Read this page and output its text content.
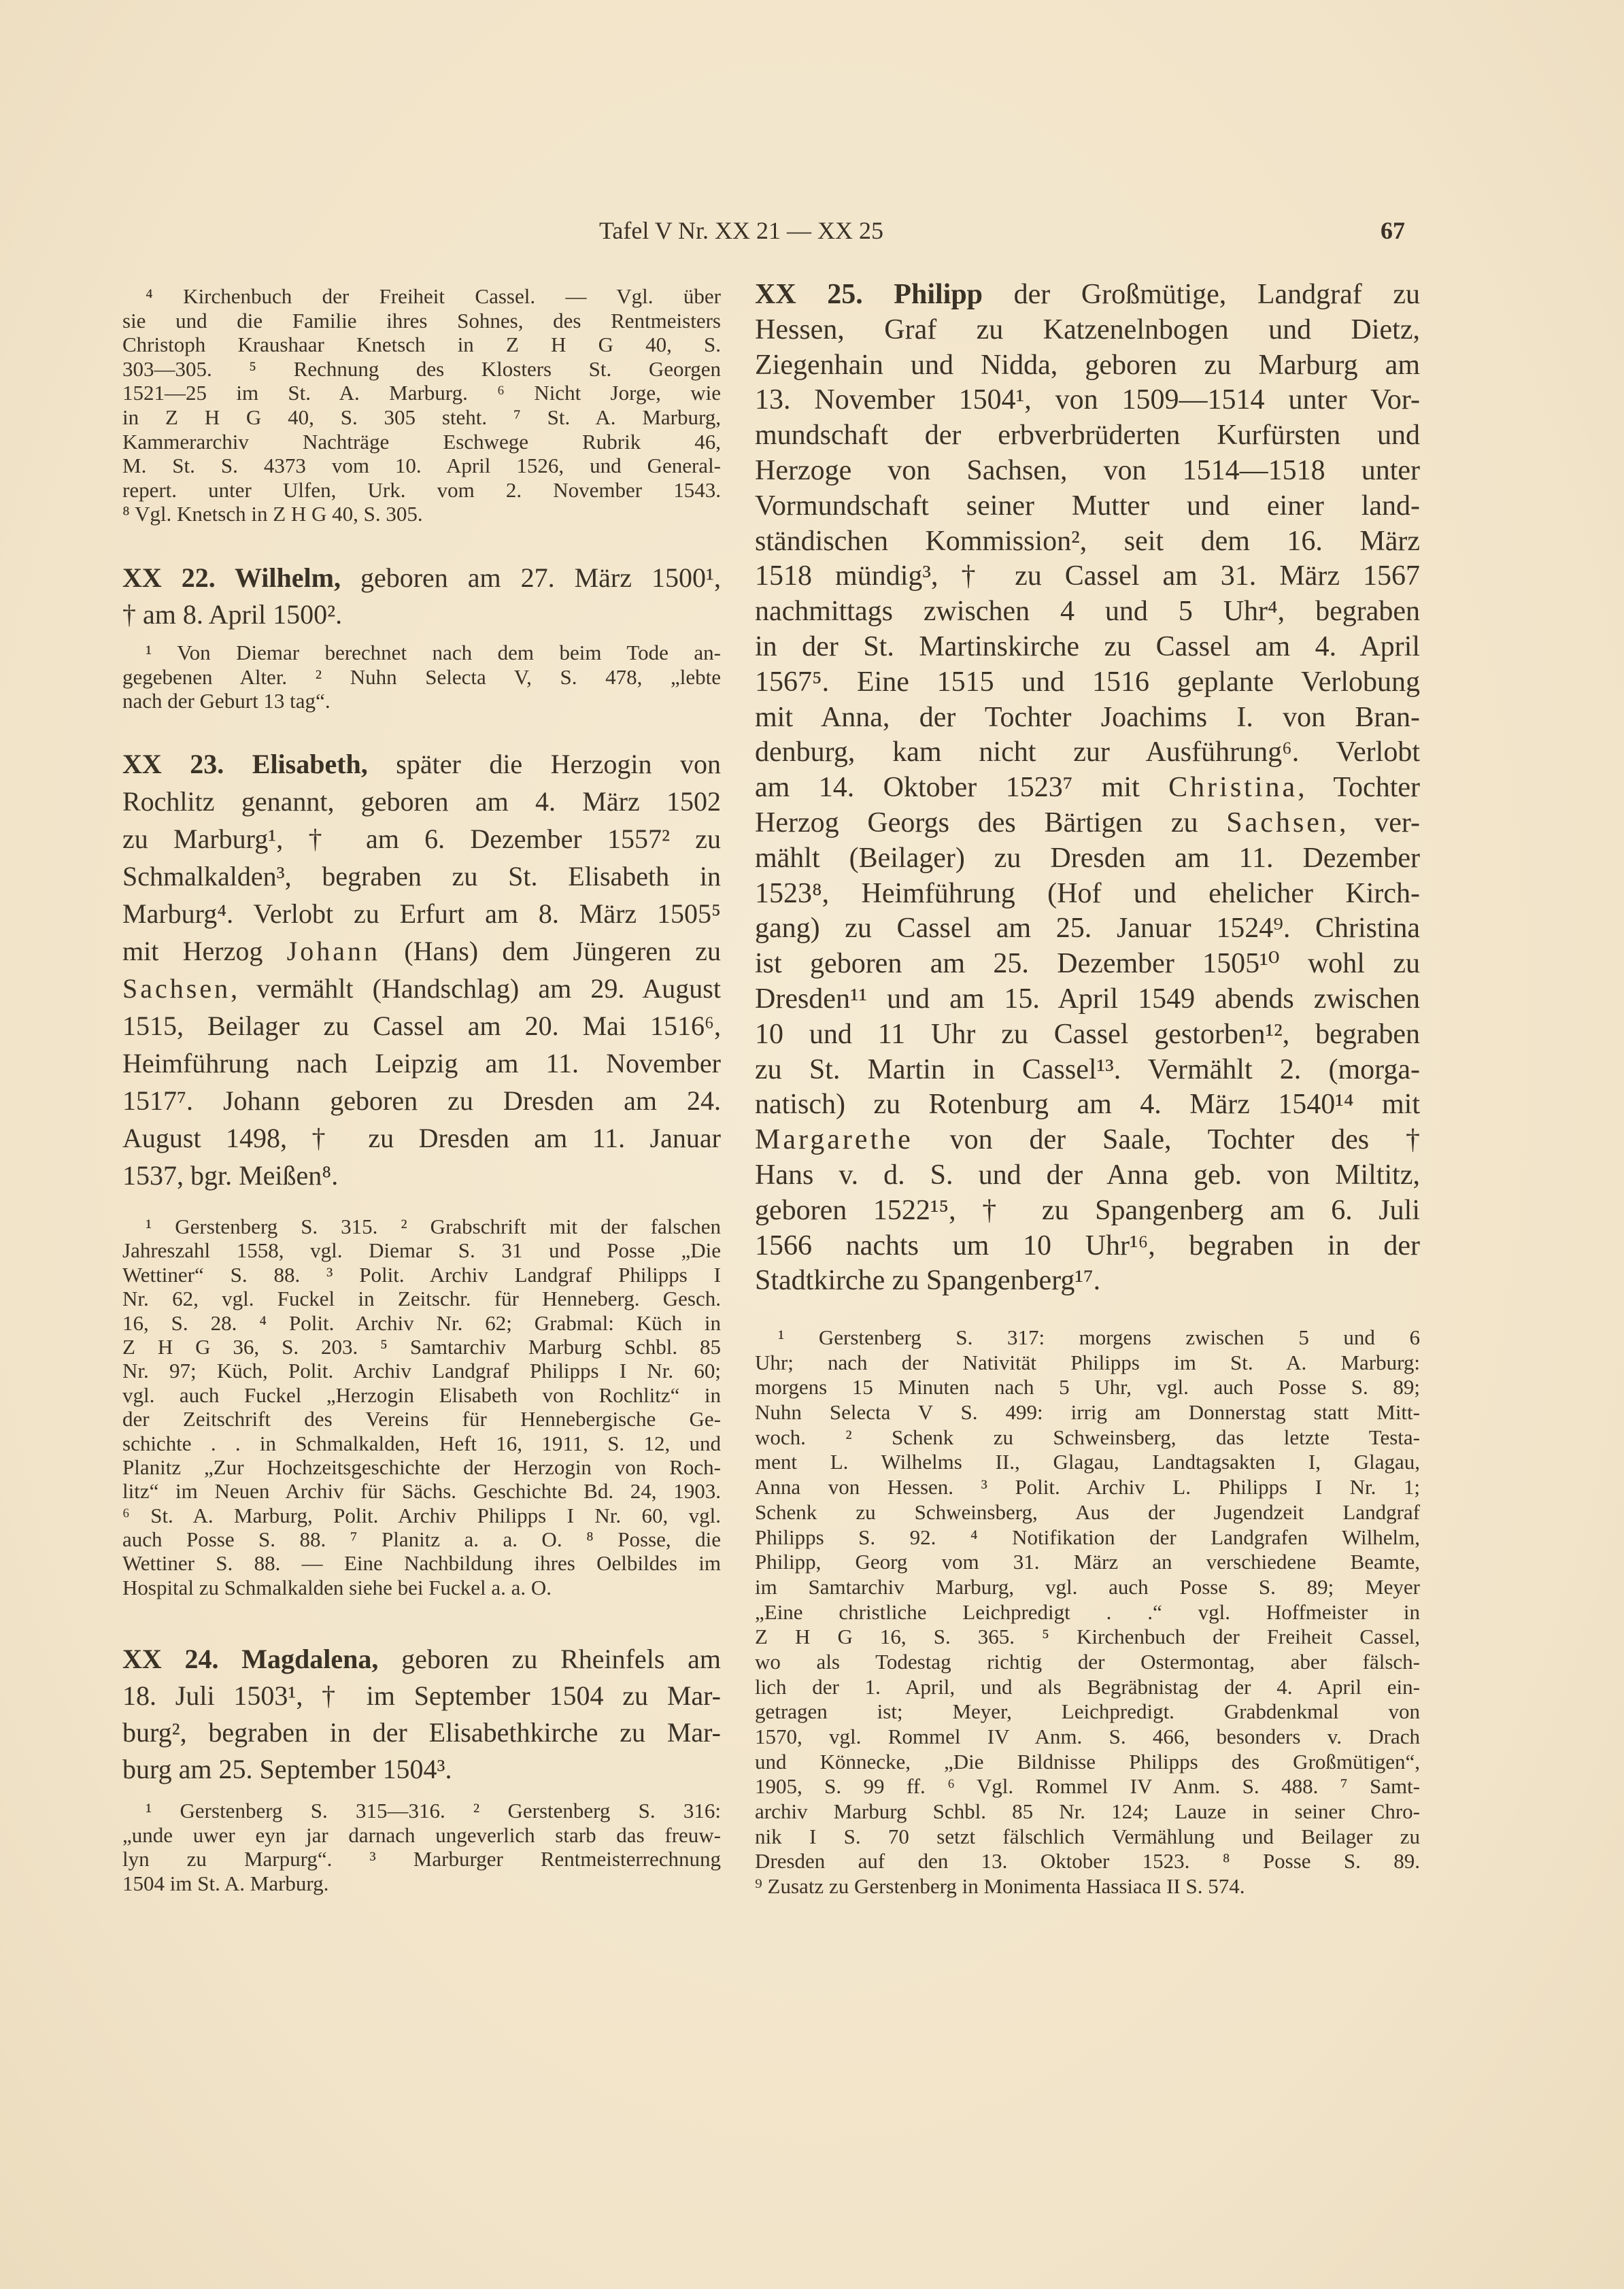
Tafel V Nr. XX 21 — XX 25	67
⁴ Kirchenbuch der Freiheit Cassel. — Vgl. über
sie und die Familie ihres Sohnes, des Rentmeisters
Christoph Kraushaar Knetsch in Z H G 40, S.
303—305. ⁵ Rechnung des Klosters St. Georgen
1521—25 im St. A. Marburg. ⁶ Nicht Jorge, wie
in Z H G 40, S. 305 steht. ⁷ St. A. Marburg,
Kammerarchiv Nachträge Eschwege Rubrik 46,
M. St. S. 4373 vom 10. April 1526, und General-
repert. unter Ulfen, Urk. vom 2. November 1543.
⁸ Vgl. Knetsch in Z H G 40, S. 305.
XX 22. Wilhelm, geboren am 27. März 1500¹,
† am 8. April 1500².
¹ Von Diemar berechnet nach dem beim Tode an-
gegebenen Alter. ² Nuhn Selecta V, S. 478, „lebte
nach der Geburt 13 tag“.
XX 23. Elisabeth, später die Herzogin von
Rochlitz genannt, geboren am 4. März 1502
zu Marburg¹, † am 6. Dezember 1557² zu
Schmalkalden³, begraben zu St. Elisabeth in
Marburg⁴. Verlobt zu Erfurt am 8. März 1505⁵
mit Herzog Johann (Hans) dem Jüngeren zu
Sachsen, vermählt (Handschlag) am 29. August
1515, Beilager zu Cassel am 20. Mai 1516⁶,
Heimführung nach Leipzig am 11. November
1517⁷. Johann geboren zu Dresden am 24.
August 1498, † zu Dresden am 11. Januar
1537, bgr. Meißen⁸.
¹ Gerstenberg S. 315. ² Grabschrift mit der falschen
Jahreszahl 1558, vgl. Diemar S. 31 und Posse „Die
Wettiner“ S. 88. ³ Polit. Archiv Landgraf Philipps I
Nr. 62, vgl. Fuckel in Zeitschr. für Henneberg. Gesch.
16, S. 28. ⁴ Polit. Archiv Nr. 62; Grabmal: Küch in
Z H G 36, S. 203. ⁵ Samtarchiv Marburg Schbl. 85
Nr. 97; Küch, Polit. Archiv Landgraf Philipps I Nr. 60;
vgl. auch Fuckel „Herzogin Elisabeth von Rochlitz“ in
der Zeitschrift des Vereins für Hennebergische Ge-
schichte . . in Schmalkalden, Heft 16, 1911, S. 12, und
Planitz „Zur Hochzeitsgeschichte der Herzogin von Roch-
litz“ im Neuen Archiv für Sächs. Geschichte Bd. 24, 1903.
⁶ St. A. Marburg, Polit. Archiv Philipps I Nr. 60, vgl.
auch Posse S. 88. ⁷ Planitz a. a. O. ⁸ Posse, die
Wettiner S. 88. — Eine Nachbildung ihres Oelbildes im
Hospital zu Schmalkalden siehe bei Fuckel a. a. O.
XX 24. Magdalena, geboren zu Rheinfels am
18. Juli 1503¹, † im September 1504 zu Mar-
burg², begraben in der Elisabethkirche zu Mar-
burg am 25. September 1504³.
¹ Gerstenberg S. 315—316. ² Gerstenberg S. 316:
„unde uwer eyn jar darnach ungeverlich starb das freuw-
lyn zu Marpurg“. ³ Marburger Rentmeisterrechnung
1504 im St. A. Marburg.
XX 25. Philipp der Großmütige, Landgraf zu
Hessen, Graf zu Katzenelnbogen und Dietz,
Ziegenhain und Nidda, geboren zu Marburg am
13. November 1504¹, von 1509—1514 unter Vor-
mundschaft der erbverbrüderten Kurfürsten und
Herzoge von Sachsen, von 1514—1518 unter
Vormundschaft seiner Mutter und einer land-
ständischen Kommission², seit dem 16. März
1518 mündig³, † zu Cassel am 31. März 1567
nachmittags zwischen 4 und 5 Uhr⁴, begraben
in der St. Martinskirche zu Cassel am 4. April
1567⁵. Eine 1515 und 1516 geplante Verlobung
mit Anna, der Tochter Joachims I. von Bran-
denburg, kam nicht zur Ausführung⁶. Verlobt
am 14. Oktober 1523⁷ mit Christina, Tochter
Herzog Georgs des Bärtigen zu Sachsen, ver-
mählt (Beilager) zu Dresden am 11. Dezember
1523⁸, Heimführung (Hof und ehelicher Kirch-
gang) zu Cassel am 25. Januar 1524⁹. Christina
ist geboren am 25. Dezember 1505¹⁰ wohl zu
Dresden¹¹ und am 15. April 1549 abends zwischen
10 und 11 Uhr zu Cassel gestorben¹², begraben
zu St. Martin in Cassel¹³. Vermählt 2. (morga-
natisch) zu Rotenburg am 4. März 1540¹⁴ mit
Margarethe von der Saale, Tochter des †
Hans v. d. S. und der Anna geb. von Miltitz,
geboren 1522¹⁵, † zu Spangenberg am 6. Juli
1566 nachts um 10 Uhr¹⁶, begraben in der
Stadtkirche zu Spangenberg¹⁷.
¹ Gerstenberg S. 317: morgens zwischen 5 und 6
Uhr; nach der Nativität Philipps im St. A. Marburg:
morgens 15 Minuten nach 5 Uhr, vgl. auch Posse S. 89;
Nuhn Selecta V S. 499: irrig am Donnerstag statt Mitt-
woch. ² Schenk zu Schweinsberg, das letzte Testa-
ment L. Wilhelms II., Glagau, Landtagsakten I, Glagau,
Anna von Hessen. ³ Polit. Archiv L. Philipps I Nr. 1;
Schenk zu Schweinsberg, Aus der Jugendzeit Landgraf
Philipps S. 92. ⁴ Notifikation der Landgrafen Wilhelm,
Philipp, Georg vom 31. März an verschiedene Beamte,
im Samtarchiv Marburg, vgl. auch Posse S. 89; Meyer
„Eine christliche Leichpredigt . .“ vgl. Hoffmeister in
Z H G 16, S. 365. ⁵ Kirchenbuch der Freiheit Cassel,
wo als Todestag richtig der Ostermontag, aber fälsch-
lich der 1. April, und als Begräbnistag der 4. April ein-
getragen ist; Meyer, Leichpredigt. Grabdenkmal von
1570, vgl. Rommel IV Anm. S. 466, besonders v. Drach
und Könnecke, „Die Bildnisse Philipps des Großmütigen“,
1905, S. 99 ff. ⁶ Vgl. Rommel IV Anm. S. 488. ⁷ Samt-
archiv Marburg Schbl. 85 Nr. 124; Lauze in seiner Chro-
nik I S. 70 setzt fälschlich Vermählung und Beilager zu
Dresden auf den 13. Oktober 1523. ⁸ Posse S. 89.
⁹ Zusatz zu Gerstenberg in Monimenta Hassiaca II S. 574.
